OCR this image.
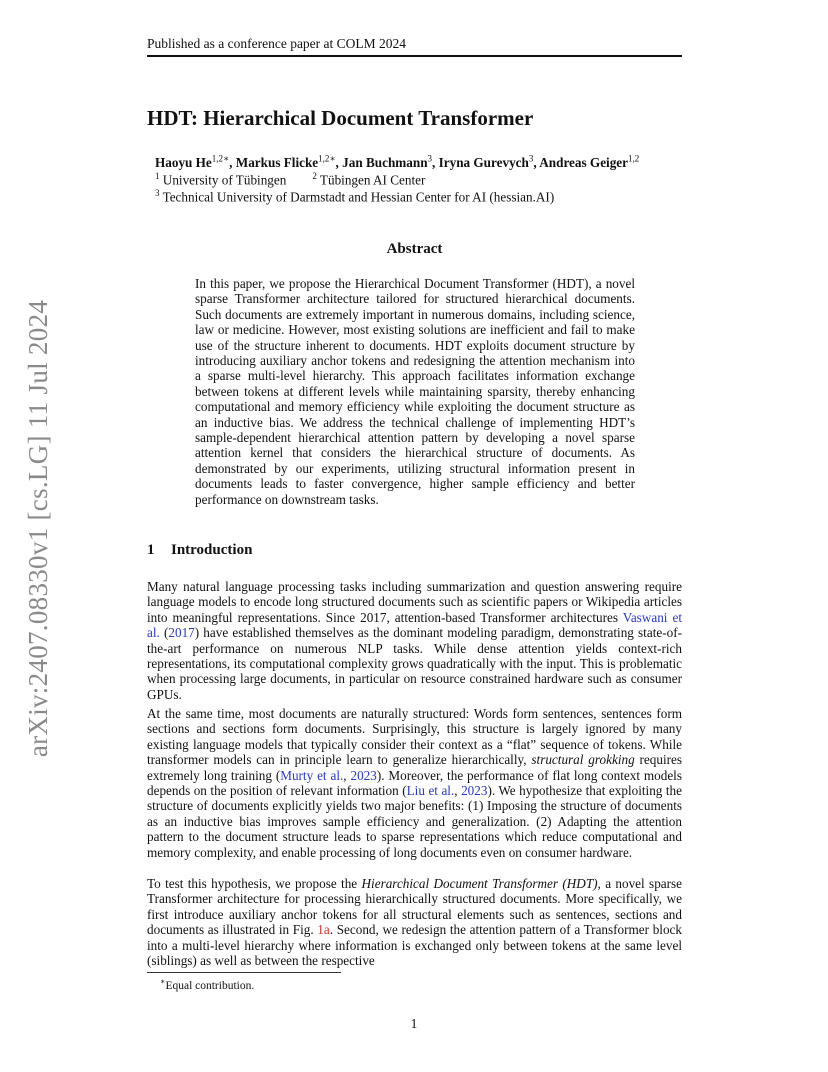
Published as a conference paper at COLM 2024
arXiv:2407.08330v1 [cs.LG] 11 Jul 2024
HDT: Hierarchical Document Transformer
Haoyu $He^{1,2∗}$, Markus Flicke$^{1,2∗}$, Jan Buchmann$^3$, Iryna Gurevych$^3$, Andreas Geiger$^{1,2}$
$^1$ University of Tübingen	$^2$ Tübingen AI Center
$^3$ Technical University of Darmstadt and Hessian Center for AI (hessian.AI)
Abstract

In this paper, we propose the Hierarchical Document Transformer (HDT), a novel sparse Transformer architecture tailored for structured hierarchical documents. Such documents are extremely important in numerous domains, including science, law or medicine. However, most existing solutions are inefficient and fail to make use of the structure inherent to documents. HDT exploits document structure by introducing auxiliary anchor tokens and redesigning the attention mechanism into a sparse multi-level hierarchy. This approach facilitates information exchange between tokens at different levels while maintaining sparsity, thereby enhancing computational and memory efficiency while exploiting the document structure as an inductive bias. We address the technical challenge of implementing HDT’s sample-dependent hierarchical attention pattern by developing a novel sparse attention kernel that considers the hierarchical structure of documents. As demonstrated by our experiments, utilizing structural information present in documents leads to faster convergence, higher sample efficiency and better performance on downstream tasks.

1 Introduction

Many natural language processing tasks including summarization and question answering require language models to encode long structured documents such as scientific papers or Wikipedia articles into meaningful representations. Since 2017, attention-based Transformer architectures Vaswani et al. (2017) have established themselves as the dominant modeling paradigm, demonstrating state-of-the-art performance on numerous NLP tasks. While dense attention yields context-rich representations, its computational complexity grows quadratically with the input. This is problematic when processing large documents, in particular on resource constrained hardware such as consumer GPUs.

At the same time, most documents are naturally structured: Words form sentences, sentences form sections and sections form documents. Surprisingly, this structure is largely ignored by many existing language models that typically consider their context as a “flat” sequence of tokens. While transformer models can in principle learn to generalize hierarchically, structural grokking requires extremely long training (Murty et al., 2023). Moreover, the performance of flat long context models depends on the position of relevant information (Liu et al., 2023). We hypothesize that exploiting the structure of documents explicitly yields two major benefits: (1) Imposing the structure of documents as an inductive bias improves sample efficiency and generalization. (2) Adapting the attention pattern to the document structure leads to sparse representations which reduce computational and memory complexity, and enable processing of long documents even on consumer hardware.

To test this hypothesis, we propose the Hierarchical Document Transformer (HDT), a novel sparse Transformer architecture for processing hierarchically structured documents. More specifically, we first introduce auxiliary anchor tokens for all structural elements such as sentences, sections and documents as illustrated in Fig. 1a. Second, we redesign the attention pattern of a Transformer block into a multi-level hierarchy where information is exchanged only between tokens at the same level (siblings) as well as between the respective

∗Equal contribution.
1
